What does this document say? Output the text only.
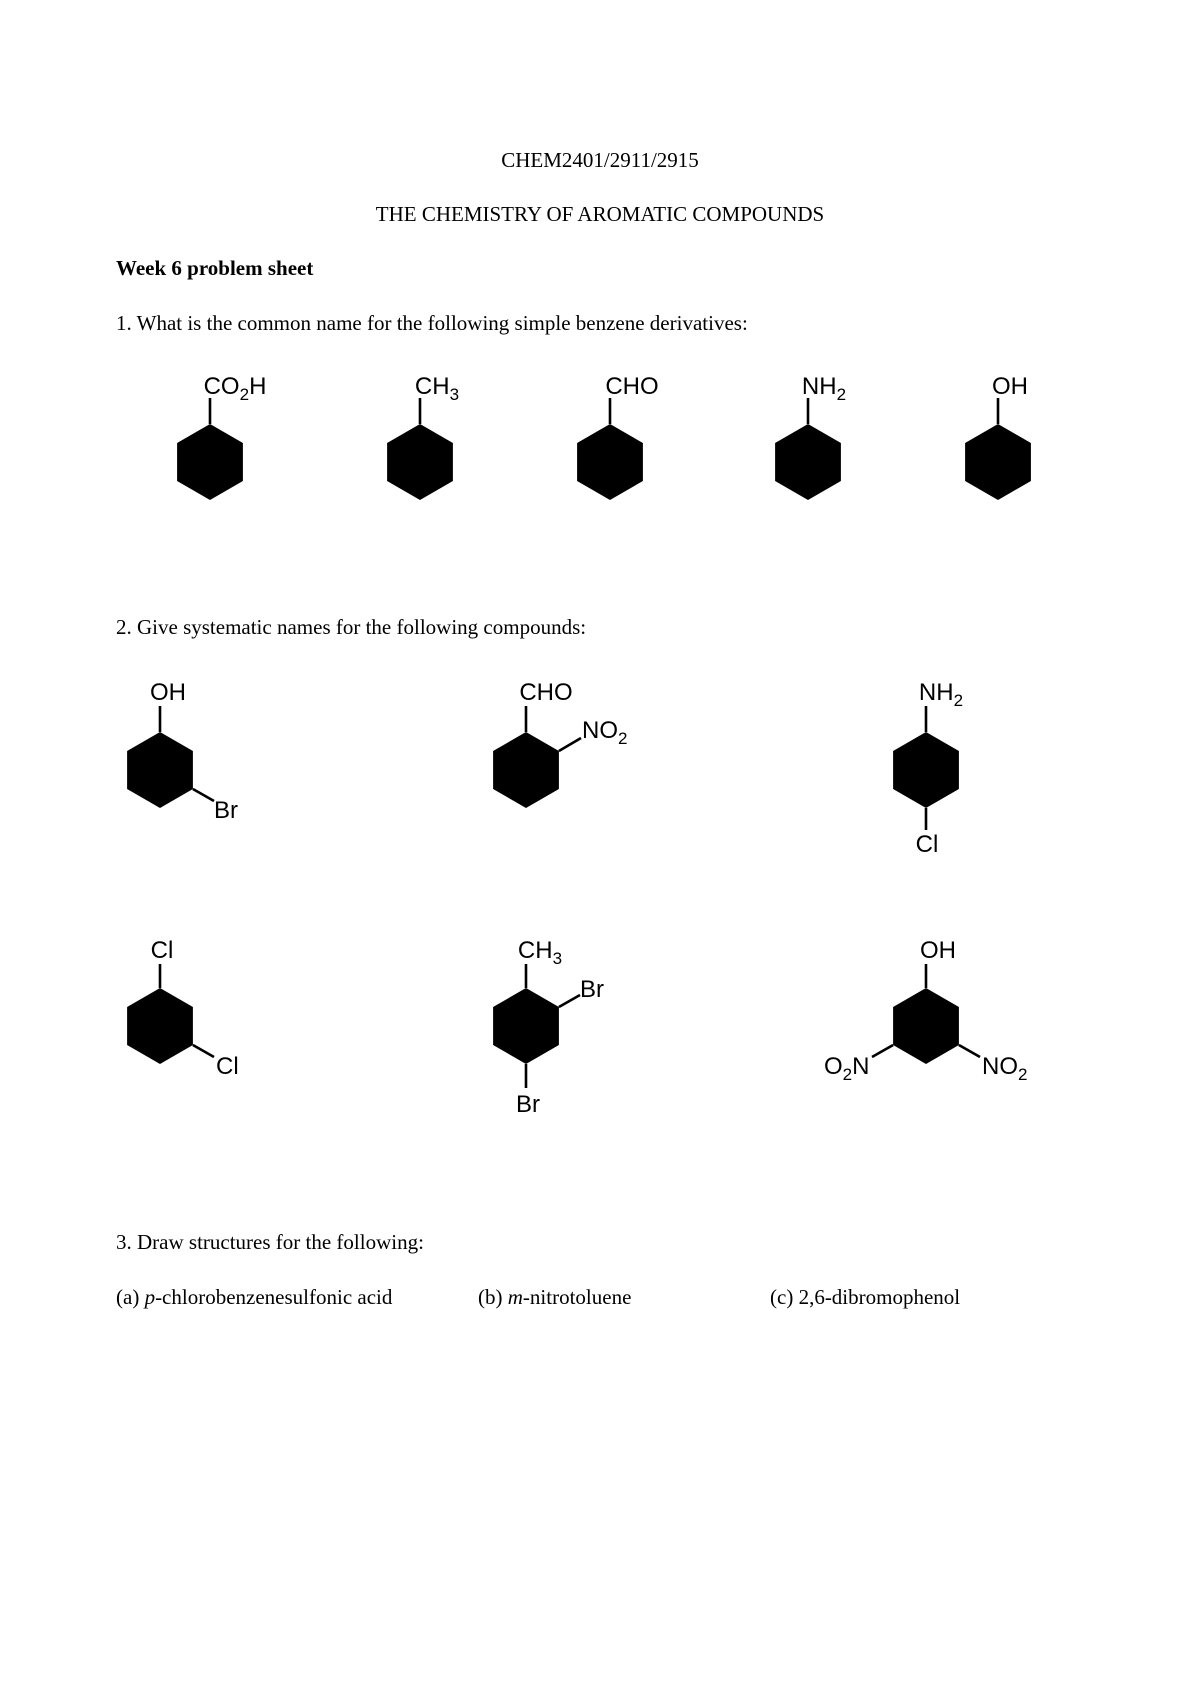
CHEM2401/2911/2915
THE CHEMISTRY OF AROMATIC COMPOUNDS
Week 6 problem sheet
1. What is the common name for the following simple benzene derivatives:
2. Give systematic names for the following compounds:
3. Draw structures for the following:
(a) p-chlorobenzenesulfonic acid	(b) m-nitrotoluene	(c) 2,6-dibromophenol
$CO_2H$	$CH_3$	CHO	$NH_2$	OH
OH
Br
CHO
$NO_2$
$NH_2$
Cl
Cl
Cl
$CH_3$
Br
Br
OH
$O_2N$	$NO_2$
